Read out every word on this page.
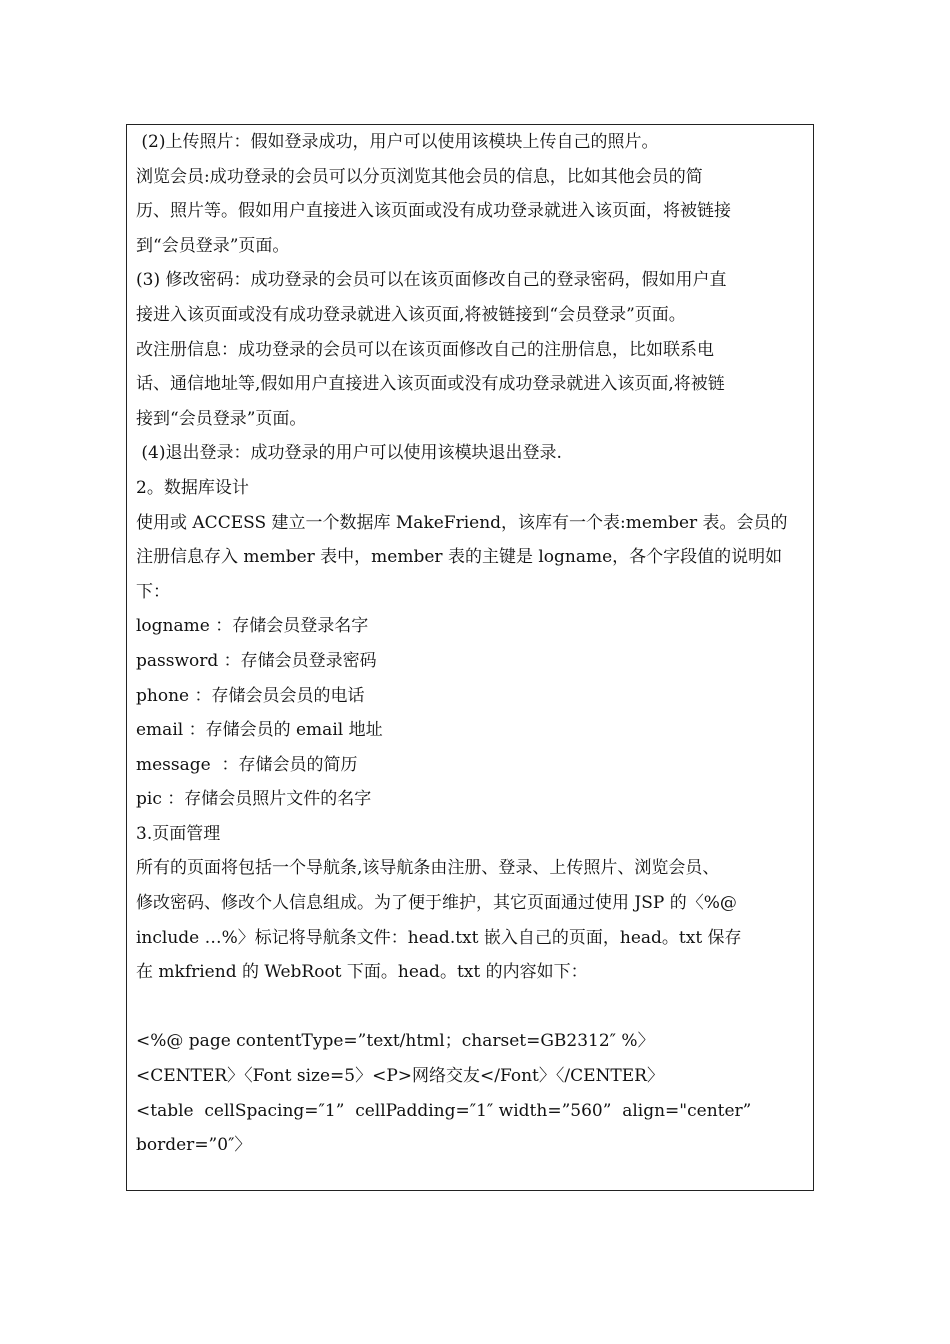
(2)上传照片：假如登录成功，用户可以使用该模块上传自己的照片。
浏览会员:成功登录的会员可以分页浏览其他会员的信息，比如其他会员的简
历、照片等。假如用户直接进入该页面或没有成功登录就进入该页面，将被链接
到“会员登录”页面。
(3) 修改密码：成功登录的会员可以在该页面修改自己的登录密码，假如用户直
接进入该页面或没有成功登录就进入该页面,将被链接到“会员登录”页面。
改注册信息：成功登录的会员可以在该页面修改自己的注册信息，比如联系电
话、通信地址等,假如用户直接进入该页面或没有成功登录就进入该页面,将被链
接到“会员登录”页面。
(4)退出登录：成功登录的用户可以使用该模块退出登录.
2。数据库设计
使用或 ACCESS 建立一个数据库 MakeFriend，该库有一个表:member 表。会员的
注册信息存入 member 表中，member 表的主键是 logname，各个字段值的说明如
下：
logname ：存储会员登录名字
password ：存储会员登录密码
phone ：存储会员会员的电话
email ：存储会员的 email 地址
message  ：存储会员的简历
pic ：存储会员照片文件的名字
3.页面管理
所有的页面将包括一个导航条,该导航条由注册、登录、上传照片、浏览会员、
修改密码、修改个人信息组成。为了便于维护，其它页面通过使用 JSP 的〈%@
include …%〉标记将导航条文件：head.txt 嵌入自己的页面，head。txt 保存
在 mkfriend 的 WebRoot 下面。head。txt 的内容如下：
<%@ page contentType=”text/html；charset=GB2312″ %〉
<CENTER〉〈Font size=5〉<P>网络交友</Font〉〈/CENTER〉
<table  cellSpacing=″1”  cellPadding=″1″ width=”560”  align="center”
border=”0″〉
